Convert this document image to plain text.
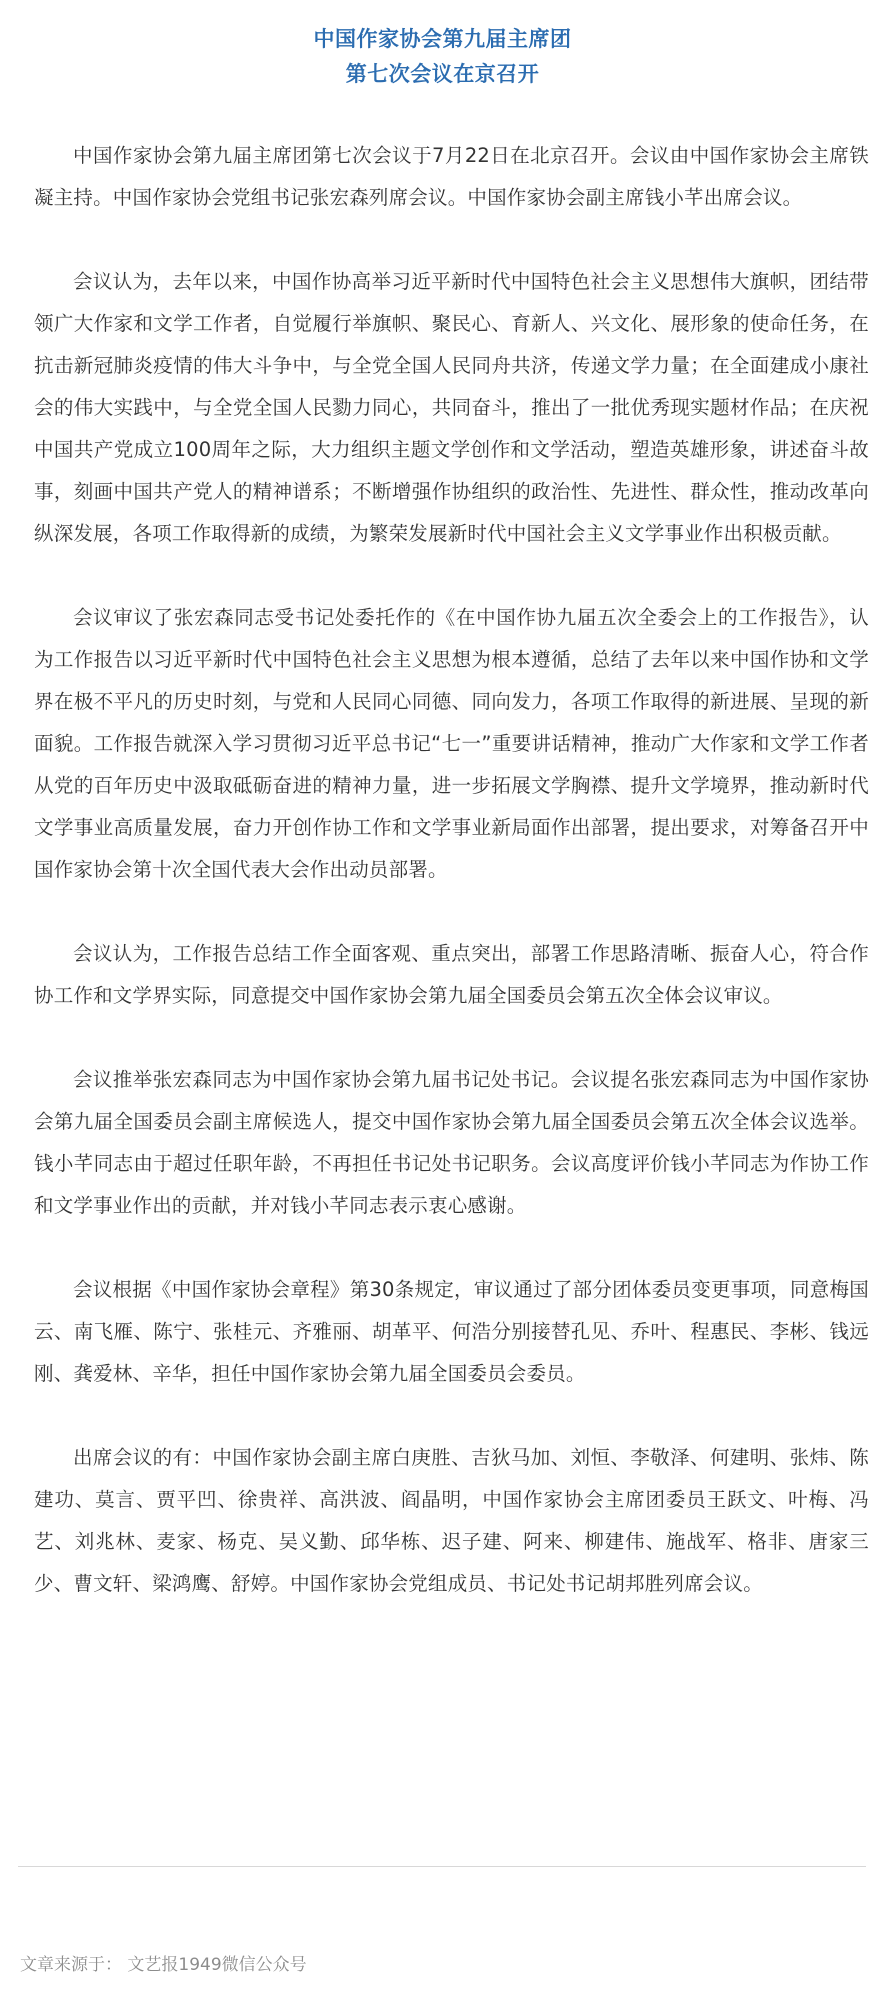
中国作家协会第九届主席团
第七次会议在京召开

中国作家协会第九届主席团第七次会议于7月22日在北京召开。会议由中国作家协会主席铁凝主持。中国作家协会党组书记张宏森列席会议。中国作家协会副主席钱小芊出席会议。

会议认为，去年以来，中国作协高举习近平新时代中国特色社会主义思想伟大旗帜，团结带领广大作家和文学工作者，自觉履行举旗帜、聚民心、育新人、兴文化、展形象的使命任务，在抗击新冠肺炎疫情的伟大斗争中，与全党全国人民同舟共济，传递文学力量；在全面建成小康社会的伟大实践中，与全党全国人民勠力同心，共同奋斗，推出了一批优秀现实题材作品；在庆祝中国共产党成立100周年之际，大力组织主题文学创作和文学活动，塑造英雄形象，讲述奋斗故事，刻画中国共产党人的精神谱系；不断增强作协组织的政治性、先进性、群众性，推动改革向纵深发展，各项工作取得新的成绩，为繁荣发展新时代中国社会主义文学事业作出积极贡献。

会议审议了张宏森同志受书记处委托作的《在中国作协九届五次全委会上的工作报告》，认为工作报告以习近平新时代中国特色社会主义思想为根本遵循，总结了去年以来中国作协和文学界在极不平凡的历史时刻，与党和人民同心同德、同向发力，各项工作取得的新进展、呈现的新面貌。工作报告就深入学习贯彻习近平总书记“七一”重要讲话精神，推动广大作家和文学工作者从党的百年历史中汲取砥砺奋进的精神力量，进一步拓展文学胸襟、提升文学境界，推动新时代文学事业高质量发展，奋力开创作协工作和文学事业新局面作出部署，提出要求，对筹备召开中国作家协会第十次全国代表大会作出动员部署。

会议认为，工作报告总结工作全面客观、重点突出，部署工作思路清晰、振奋人心，符合作协工作和文学界实际，同意提交中国作家协会第九届全国委员会第五次全体会议审议。

会议推举张宏森同志为中国作家协会第九届书记处书记。会议提名张宏森同志为中国作家协会第九届全国委员会副主席候选人，提交中国作家协会第九届全国委员会第五次全体会议选举。钱小芊同志由于超过任职年龄，不再担任书记处书记职务。会议高度评价钱小芊同志为作协工作和文学事业作出的贡献，并对钱小芊同志表示衷心感谢。

会议根据《中国作家协会章程》第30条规定，审议通过了部分团体委员变更事项，同意梅国云、南飞雁、陈宁、张桂元、齐雅丽、胡革平、何浩分别接替孔见、乔叶、程惠民、李彬、钱远刚、龚爱林、辛华，担任中国作家协会第九届全国委员会委员。

出席会议的有：中国作家协会副主席白庚胜、吉狄马加、刘恒、李敬泽、何建明、张炜、陈建功、莫言、贾平凹、徐贵祥、高洪波、阎晶明，中国作家协会主席团委员王跃文、叶梅、冯艺、刘兆林、麦家、杨克、吴义勤、邱华栋、迟子建、阿来、柳建伟、施战军、格非、唐家三少、曹文轩、梁鸿鹰、舒婷。中国作家协会党组成员、书记处书记胡邦胜列席会议。

文章来源于： 文艺报1949微信公众号
